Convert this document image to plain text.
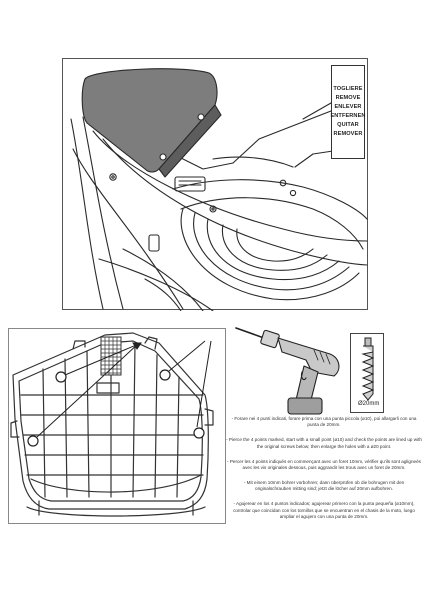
TOGLIERE
REMOVE
ENLEVER
ENTFERNEN
QUITAR
REMOVER
Ø20mm

- Forare nei 4 punti indicati, forare prima con una punta piccola (ø10), poi allargarli con una punta de 20mm.

- Pierce the 4 points marked, start with a small point (ø10) and check the points are lined up with the original screws below; then enlarge the holes with a ø20 point.

- Percer les 4 points indiqués en commençant avec un foret 10mm, vérifier qu'ils sont agligneés avec les vis originales dessous, puis aggrandir les trous avec un foret de 20mm.

- Mit einem 10mm bohrer vorbohren; dann überprüfen ob die bohrugen mit den originalschrauben mitting sind; jetzt die löcher auf 20mm aufbohren.

- Agujerear en los 4 puntos indicados; agujerear primero con la punta pequeña (ø10mm), controlar que coincidan con los tornillos que se encuentran en el chasis de la moto, luego ampliar el agujero con una punta de 20mm.
